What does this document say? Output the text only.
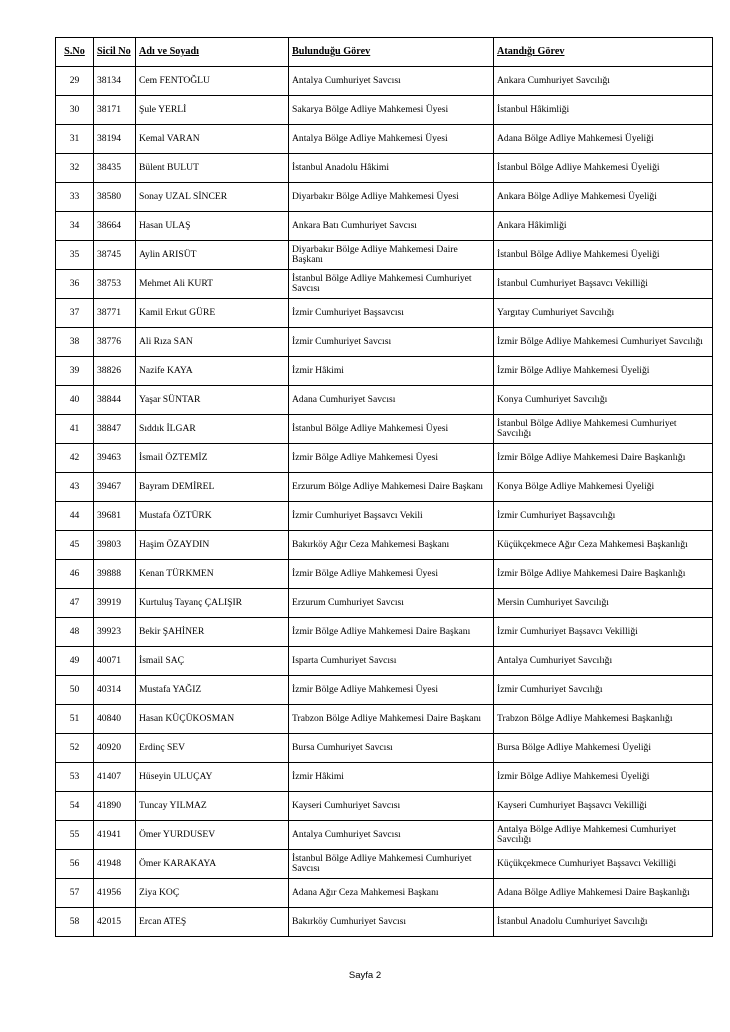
S.No	Sicil No	Adı ve Soyadı	Bulunduğu Görev	Atandığı Görev
29	38134	Cem FENTOĞLU	Antalya Cumhuriyet Savcısı	Ankara Cumhuriyet Savcılığı
30	38171	Şule YERLİ	Sakarya Bölge Adliye Mahkemesi Üyesi	İstanbul Hâkimliği
31	38194	Kemal VARAN	Antalya Bölge Adliye Mahkemesi Üyesi	Adana Bölge Adliye Mahkemesi Üyeliği
32	38435	Bülent BULUT	İstanbul Anadolu Hâkimi	İstanbul Bölge Adliye Mahkemesi Üyeliği
33	38580	Sonay UZAL SİNCER	Diyarbakır Bölge Adliye Mahkemesi Üyesi	Ankara Bölge Adliye Mahkemesi Üyeliği
34	38664	Hasan ULAŞ	Ankara Batı Cumhuriyet Savcısı	Ankara Hâkimliği
35	38745	Aylin ARISÜT	Diyarbakır Bölge Adliye Mahkemesi Daire Başkanı	İstanbul Bölge Adliye Mahkemesi Üyeliği
36	38753	Mehmet Ali KURT	İstanbul Bölge Adliye Mahkemesi Cumhuriyet Savcısı	İstanbul Cumhuriyet Başsavcı Vekilliği
37	38771	Kamil Erkut GÜRE	İzmir Cumhuriyet Başsavcısı	Yargıtay Cumhuriyet Savcılığı
38	38776	Ali Rıza SAN	İzmir Cumhuriyet Savcısı	İzmir Bölge Adliye Mahkemesi Cumhuriyet Savcılığı
39	38826	Nazife KAYA	İzmir Hâkimi	İzmir Bölge Adliye Mahkemesi Üyeliği
40	38844	Yaşar SÜNTAR	Adana Cumhuriyet Savcısı	Konya Cumhuriyet Savcılığı
41	38847	Sıddık İLGAR	İstanbul Bölge Adliye Mahkemesi Üyesi	İstanbul Bölge Adliye Mahkemesi Cumhuriyet Savcılığı
42	39463	İsmail ÖZTEMİZ	İzmir Bölge Adliye Mahkemesi Üyesi	İzmir Bölge Adliye Mahkemesi Daire Başkanlığı
43	39467	Bayram DEMİREL	Erzurum Bölge Adliye Mahkemesi Daire Başkanı	Konya Bölge Adliye Mahkemesi Üyeliği
44	39681	Mustafa ÖZTÜRK	İzmir Cumhuriyet Başsavcı Vekili	İzmir Cumhuriyet Başsavcılığı
45	39803	Haşim ÖZAYDIN	Bakırköy Ağır Ceza Mahkemesi Başkanı	Küçükçekmece Ağır Ceza Mahkemesi Başkanlığı
46	39888	Kenan TÜRKMEN	İzmir Bölge Adliye Mahkemesi Üyesi	İzmir Bölge Adliye Mahkemesi Daire Başkanlığı
47	39919	Kurtuluş Tayanç ÇALIŞIR	Erzurum Cumhuriyet Savcısı	Mersin Cumhuriyet Savcılığı
48	39923	Bekir ŞAHİNER	İzmir Bölge Adliye Mahkemesi Daire Başkanı	İzmir Cumhuriyet Başsavcı Vekilliği
49	40071	İsmail SAÇ	Isparta Cumhuriyet Savcısı	Antalya Cumhuriyet Savcılığı
50	40314	Mustafa YAĞIZ	İzmir Bölge Adliye Mahkemesi Üyesi	İzmir Cumhuriyet Savcılığı
51	40840	Hasan KÜÇÜKOSMAN	Trabzon Bölge Adliye Mahkemesi Daire Başkanı	Trabzon Bölge Adliye Mahkemesi Başkanlığı
52	40920	Erdinç SEV	Bursa Cumhuriyet Savcısı	Bursa Bölge Adliye Mahkemesi Üyeliği
53	41407	Hüseyin ULUÇAY	İzmir Hâkimi	İzmir Bölge Adliye Mahkemesi Üyeliği
54	41890	Tuncay YILMAZ	Kayseri Cumhuriyet Savcısı	Kayseri Cumhuriyet Başsavcı Vekilliği
55	41941	Ömer YURDUSEV	Antalya Cumhuriyet Savcısı	Antalya Bölge Adliye Mahkemesi Cumhuriyet Savcılığı
56	41948	Ömer KARAKAYA	İstanbul Bölge Adliye Mahkemesi Cumhuriyet Savcısı	Küçükçekmece Cumhuriyet Başsavcı Vekilliği
57	41956	Ziya KOÇ	Adana Ağır Ceza Mahkemesi Başkanı	Adana Bölge Adliye Mahkemesi Daire Başkanlığı
58	42015	Ercan ATEŞ	Bakırköy Cumhuriyet Savcısı	İstanbul Anadolu Cumhuriyet Savcılığı
Sayfa 2
